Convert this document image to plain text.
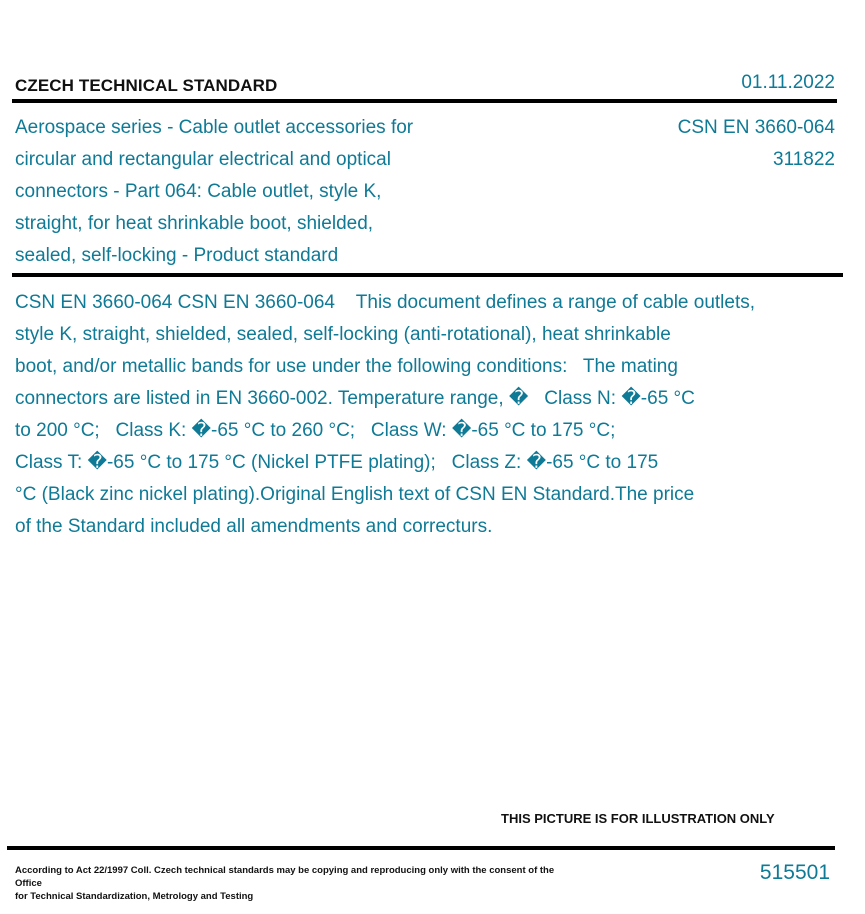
CZECH TECHNICAL STANDARD	01.11.2022
Aerospace series - Cable outlet accessories for
circular and rectangular electrical and optical
connectors - Part 064: Cable outlet, style K,
straight, for heat shrinkable boot, shielded,
sealed, self-locking - Product standard
CSN EN 3660-064
311822
CSN EN 3660-064 CSN EN 3660-064    This document defines a range of cable outlets,
style K, straight, shielded, sealed, self-locking (anti-rotational), heat shrinkable
boot, and/or metallic bands for use under the following conditions:   The mating
connectors are listed in EN 3660-002. Temperature range, �   Class N: �-65 °C
to 200 °C;   Class K: �-65 °C to 260 °C;   Class W: �-65 °C to 175 °C;
Class T: �-65 °C to 175 °C (Nickel PTFE plating);   Class Z: �-65 °C to 175
°C (Black zinc nickel plating).Original English text of CSN EN Standard.The price
of the Standard included all amendments and correcturs.
THIS PICTURE IS FOR ILLUSTRATION ONLY
According to Act 22/1997 Coll. Czech technical standards may be copying and reproducing only with the consent of the Office
for Technical Standardization, Metrology and Testing
515501
